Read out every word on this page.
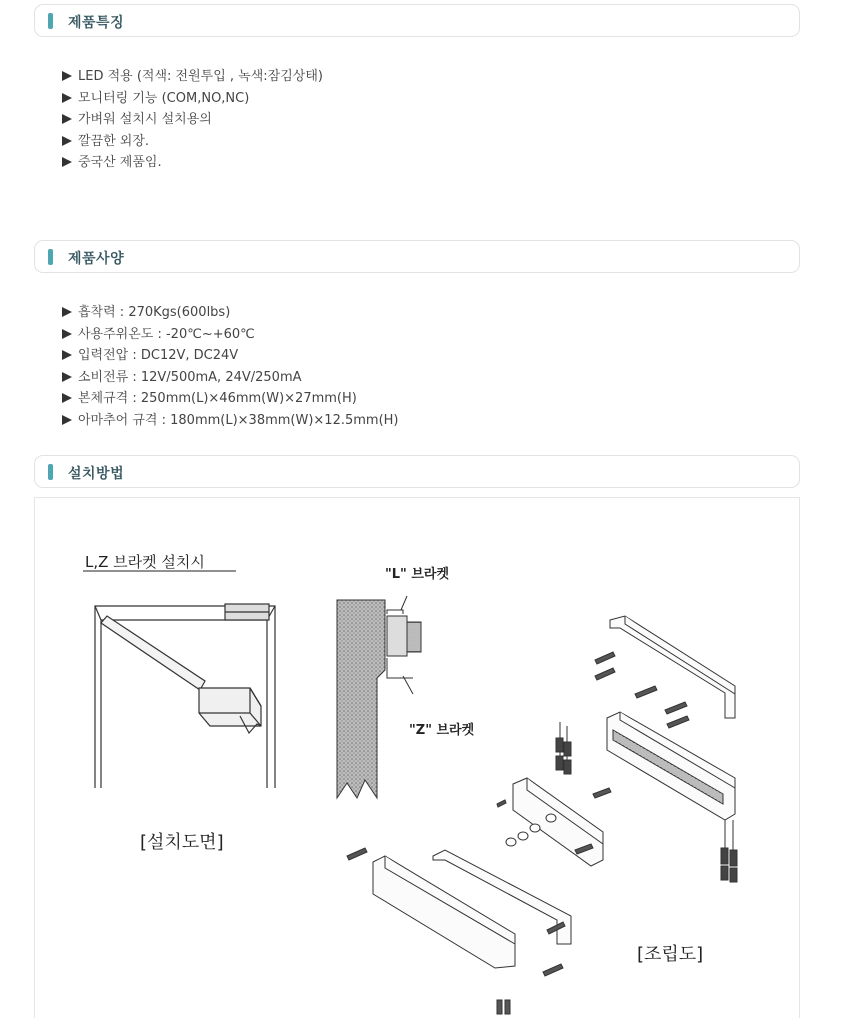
제품특징
LED 적용 (적색: 전원투입 , 녹색:잠김상태)
모니터링 기능 (COM,NO,NC)
가벼워 설치시 설치용의
깔끔한 외장.
중국산 제품임.
제품사양
흡착력 : 270Kgs(600lbs)
사용주위온도 : -20℃~+60℃
입력전압 : DC12V, DC24V
소비전류 : 12V/500mA, 24V/250mA
본체규격 : 250mm(L)×46mm(W)×27mm(H)
아마추어 규격 : 180mm(L)×38mm(W)×12.5mm(H)
설치방법
L,Z 브라켓 설치시
[설치도면]
"L" 브라켓
"Z" 브라켓
[조립도]
